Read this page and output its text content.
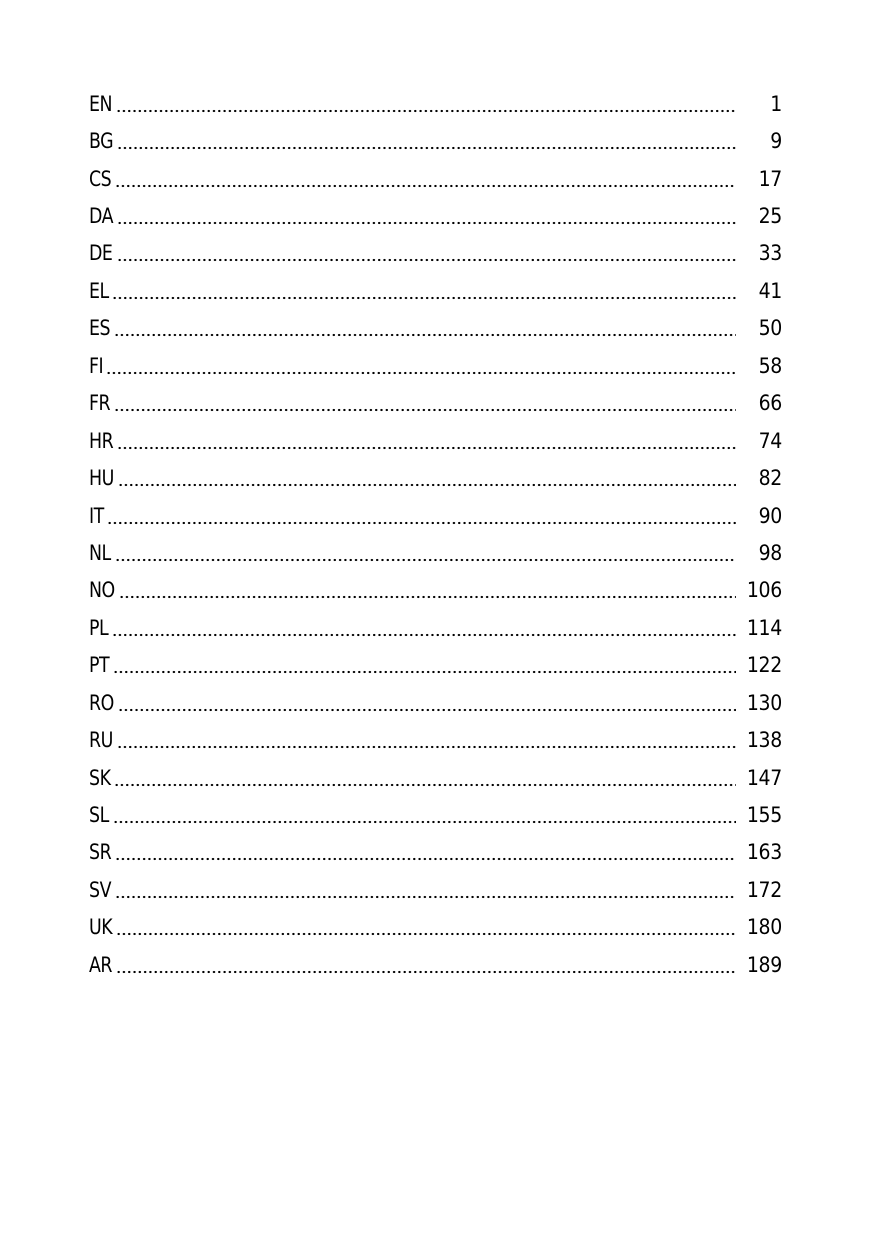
EN	1
BG	9
CS	17
DA	25
DE	33
EL	41
ES	50
FI	58
FR	66
HR	74
HU	82
IT	90
NL	98
NO	106
PL	114
PT	122
RO	130
RU	138
SK	147
SL	155
SR	163
SV	172
UK	180
AR	189
